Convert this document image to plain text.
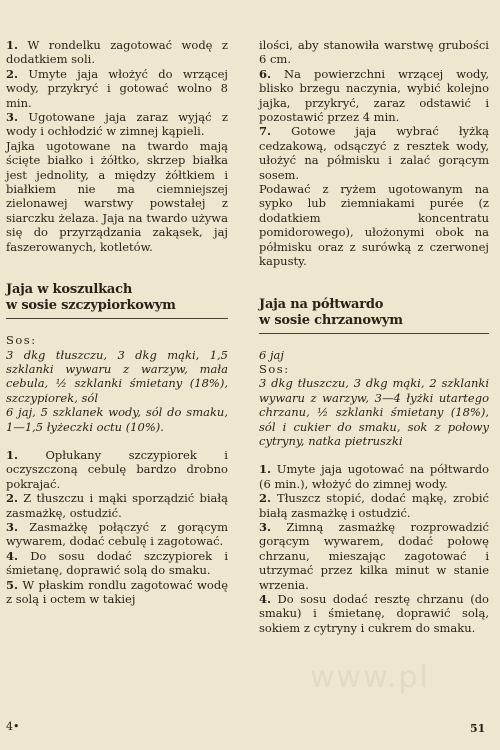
1. W rondelku zagotować wodę z dodatkiem soli.

2. Umyte jaja włożyć do wrzącej wody, przykryć i gotować wolno 8 min.

3. Ugotowane jaja zaraz wyjąć z wody i ochłodzić w zimnej kąpieli.

Jajka ugotowane na twardo mają ścięte białko i żółtko, skrzep białka jest jednolity, a między żółtkiem i białkiem nie ma ciemniejszej zielonawej warstwy powstałej z siarczku żelaza. Jaja na twardo używa się do przyrządzania zakąsek, jaj faszerowanych, kotletów.

Jaja w koszulkach

w sosie szczypiorkowym

Sos:

3 dkg tłuszczu, 3 dkg mąki, 1,5 szklanki wywaru z warzyw, mała cebula, ½ szklanki śmietany (18%), szczypiorek, sól

6 jaj, 5 szklanek wody, sól do smaku, 1—1,5 łyżeczki octu (10%).

1. Opłukany szczypiorek i oczyszczoną cebulę bardzo drobno pokrajać.

2. Z tłuszczu i mąki sporządzić białą zasmażkę, ostudzić.

3. Zasmażkę połączyć z gorącym wywarem, dodać cebulę i zagotować.

4. Do sosu dodać szczypiorek i śmietanę, doprawić solą do smaku.

5. W płaskim rondlu zagotować wodę z solą i octem w takiej

ilości, aby stanowiła warstwę grubości 6 cm.

6. Na powierzchni wrzącej wody, blisko brzegu naczynia, wybić kolejno jajka, przykryć, zaraz odstawić i pozostawić przez 4 min.

7. Gotowe jaja wybrać łyżką cedzakową, odsączyć z resztek wody, ułożyć na półmisku i zalać gorącym sosem.

Podawać z ryżem ugotowanym na sypko lub ziemniakami purée (z dodatkiem koncentratu pomidorowego), ułożonymi obok na półmisku oraz z surówką z czerwonej kapusty.

Jaja na półtwardo

w sosie chrzanowym

6 jaj

Sos:

3 dkg tłuszczu, 3 dkg mąki, 2 szklanki wywaru z warzyw, 3—4 łyżki utartego chrzanu, ½ szklanki śmietany (18%), sól i cukier do smaku, sok z połowy cytryny, natka pietruszki

1. Umyte jaja ugotować na półtwardo (6 min.), włożyć do zimnej wody.

2. Tłuszcz stopić, dodać mąkę, zrobić białą zasmażkę i ostudzić.

3. Zimną zasmażkę rozprowadzić gorącym wywarem, dodać połowę chrzanu, mieszając zagotować i utrzymać przez kilka minut w stanie wrzenia.

4. Do sosu dodać resztę chrzanu (do smaku) i śmietanę, doprawić solą, sokiem z cytryny i cukrem do smaku.

www.pl
4•	51
